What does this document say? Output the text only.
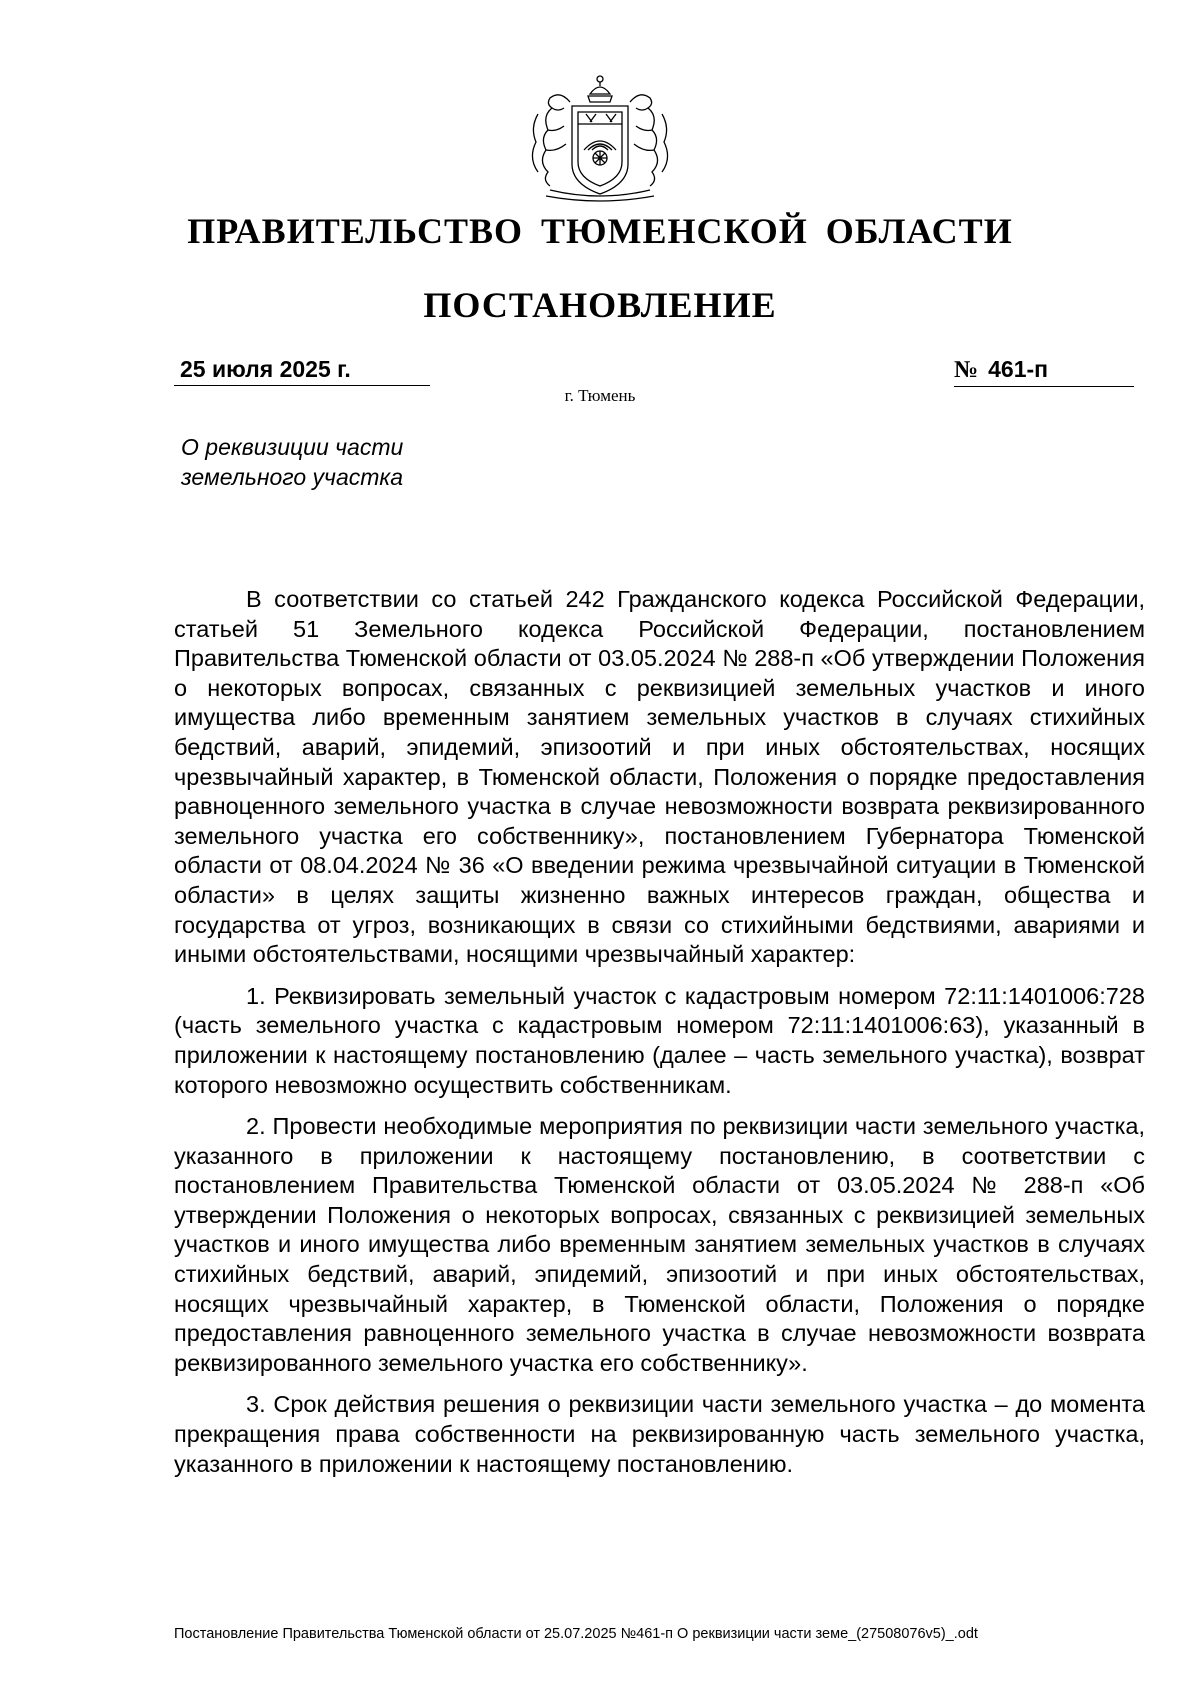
ПРАВИТЕЛЬСТВО ТЮМЕНСКОЙ ОБЛАСТИ
ПОСТАНОВЛЕНИЕ
25 июля 2025 г.	№ 461-п
г. Тюмень
О реквизиции части
земельного участка

В соответствии со статьей 242 Гражданского кодекса Российской Федерации, статьей 51 Земельного кодекса Российской Федерации, постановлением Правительства Тюменской области от 03.05.2024 № 288-п «Об утверждении Положения о некоторых вопросах, связанных с реквизицией земельных участков и иного имущества либо временным занятием земельных участков в случаях стихийных бедствий, аварий, эпидемий, эпизоотий и при иных обстоятельствах, носящих чрезвычайный характер, в Тюменской области, Положения о порядке предоставления равноценного земельного участка в случае невозможности возврата реквизированного земельного участка его собственнику», постановлением Губернатора Тюменской области от 08.04.2024 № 36 «О введении режима чрезвычайной ситуации в Тюменской области» в целях защиты жизненно важных интересов граждан, общества и государства от угроз, возникающих в связи со стихийными бедствиями, авариями и иными обстоятельствами, носящими чрезвычайный характер:

1. Реквизировать земельный участок с кадастровым номером 72:11:1401006:728 (часть земельного участка с кадастровым номером 72:11:1401006:63), указанный в приложении к настоящему постановлению (далее – часть земельного участка), возврат которого невозможно осуществить собственникам.

2. Провести необходимые мероприятия по реквизиции части земельного участка, указанного в приложении к настоящему постановлению, в соответствии с постановлением Правительства Тюменской области от 03.05.2024 № 288-п «Об утверждении Положения о некоторых вопросах, связанных с реквизицией земельных участков и иного имущества либо временным занятием земельных участков в случаях стихийных бедствий, аварий, эпидемий, эпизоотий и при иных обстоятельствах, носящих чрезвычайный характер, в Тюменской области, Положения о порядке предоставления равноценного земельного участка в случае невозможности возврата реквизированного земельного участка его собственнику».

3. Срок действия решения о реквизиции части земельного участка – до момента прекращения права собственности на реквизированную часть земельного участка, указанного в приложении к настоящему постановлению.

Постановление Правительства Тюменской области от 25.07.2025 №461-п О реквизиции части земе_(27508076v5)_.odt
